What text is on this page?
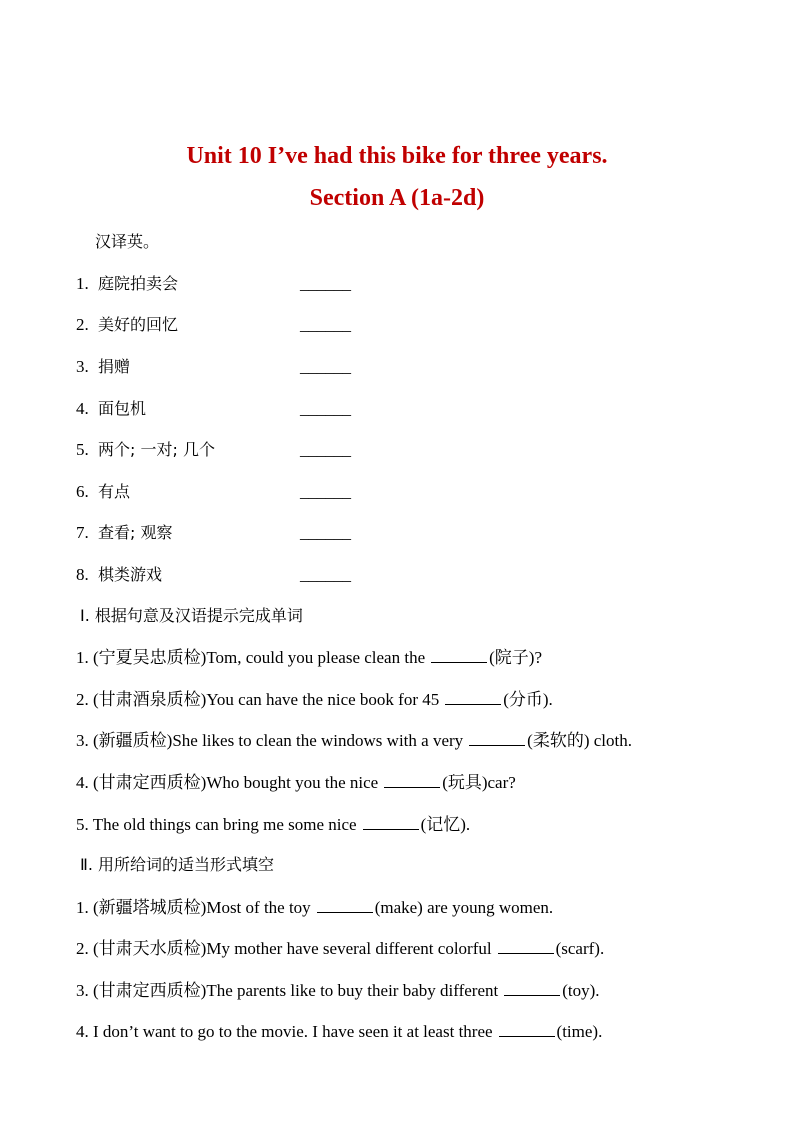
Unit 10 I’ve had this bike for three years.
Section A (1a-2d)
汉译英。
1. 庭院拍卖会	______
2. 美好的回忆	______
3. 捐赠	______
4. 面包机	______
5. 两个; 一对; 几个	______
6. 有点	______
7. 查看; 观察	______
8. 棋类游戏	______
1. (宁夏吴忠质检)Tom, could you please clean the	(院子)?
2. (甘肃酒泉质检)You can have the nice book for 45	(分币).
3. (新疆质检)She likes to clean the windows with a very	(柔软的) cloth.
4. (甘肃定西质检)Who bought you the nice	(玩具)car?
5. The old things can bring me some nice	(记忆).
1. (新疆塔城质检)Most of the toy	(make) are young women.
2. (甘肃天水质检)My mother have several different colorful	(scarf).
3. (甘肃定西质检)The parents like to buy their baby different	(toy).
4. I don’t want to go to the movie. I have seen it at least three	(time).
Ⅰ. 根据句意及汉语提示完成单词
Ⅱ. 用所给词的适当形式填空
